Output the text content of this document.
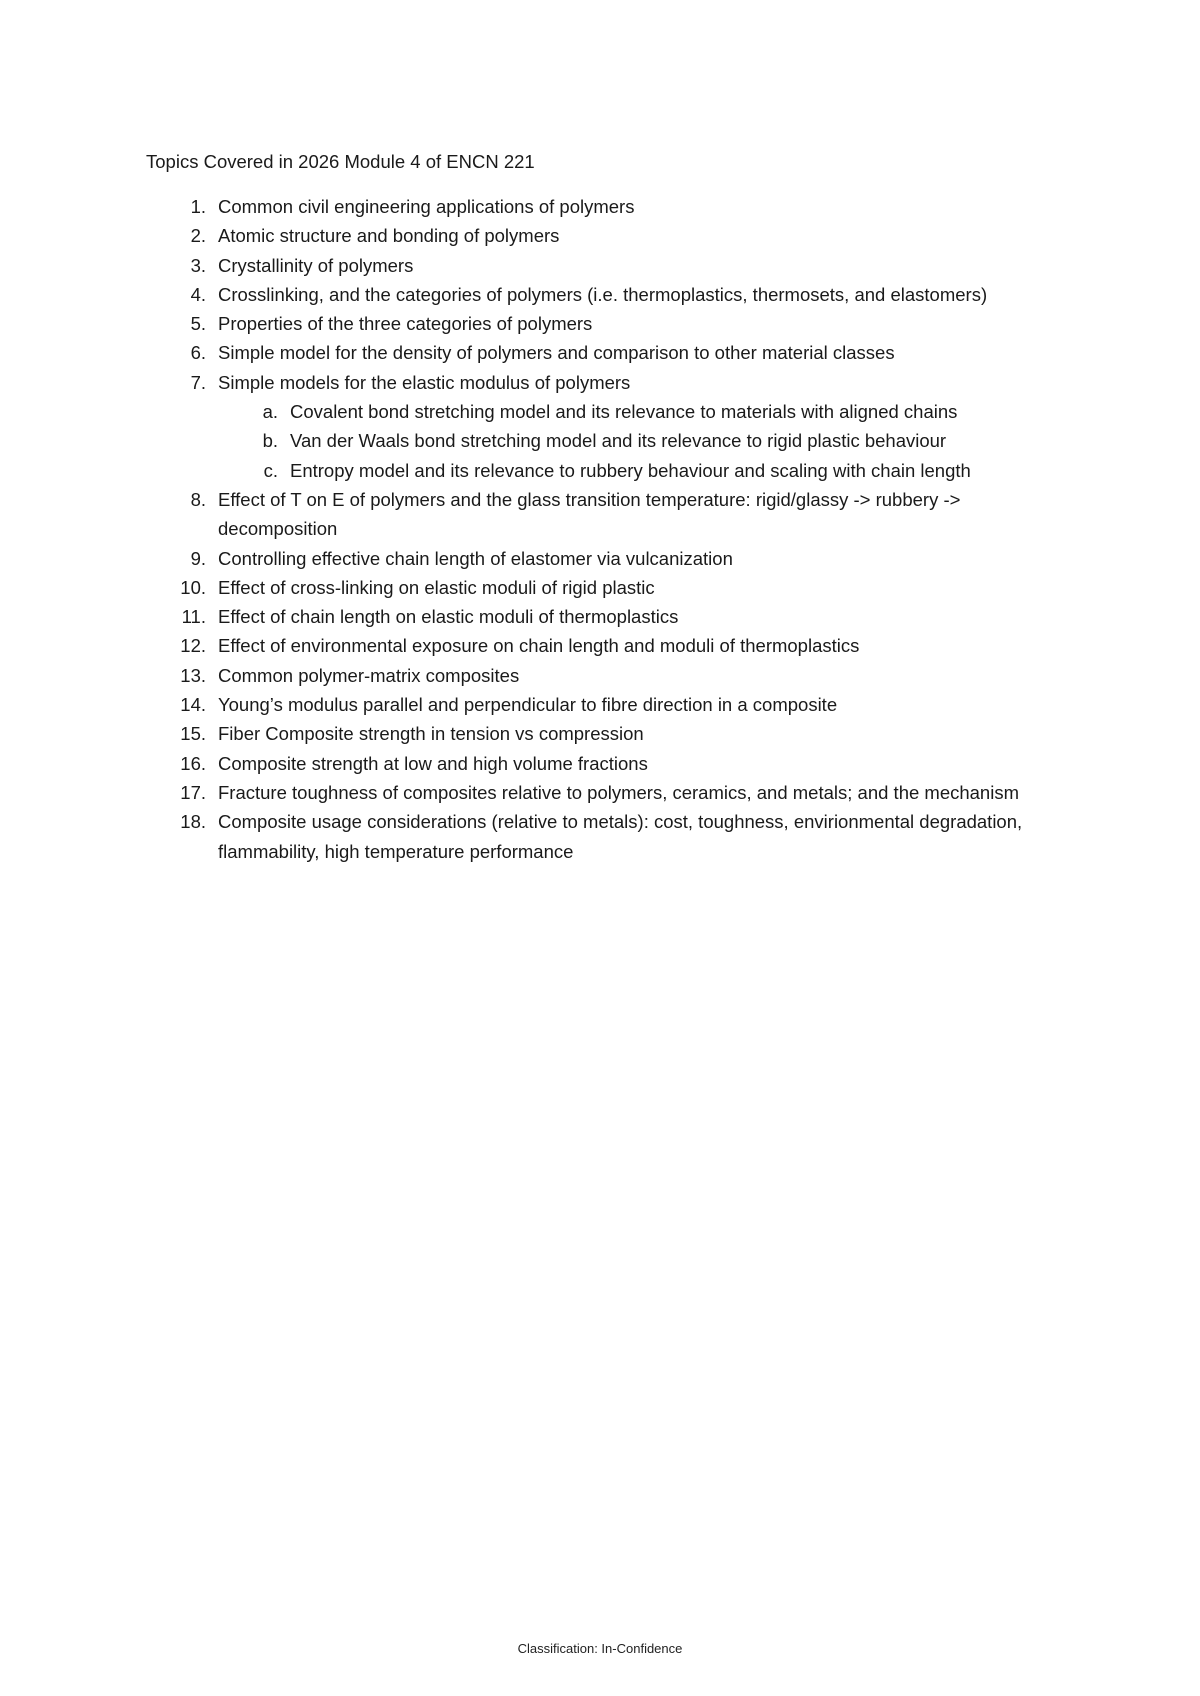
Topics Covered in 2026 Module 4 of ENCN 221
1. Common civil engineering applications of polymers
2. Atomic structure and bonding of polymers
3. Crystallinity of polymers
4. Crosslinking, and the categories of polymers (i.e. thermoplastics, thermosets, and elastomers)
5. Properties of the three categories of polymers
6. Simple model for the density of polymers and comparison to other material classes
7. Simple models for the elastic modulus of polymers
a. Covalent bond stretching model and its relevance to materials with aligned chains
b. Van der Waals bond stretching model and its relevance to rigid plastic behaviour
c. Entropy model and its relevance to rubbery behaviour and scaling with chain length
8. Effect of T on E of polymers and the glass transition temperature: rigid/glassy -> rubbery -> decomposition
9. Controlling effective chain length of elastomer via vulcanization
10. Effect of cross-linking on elastic moduli of rigid plastic
11. Effect of chain length on elastic moduli of thermoplastics
12. Effect of environmental exposure on chain length and moduli of thermoplastics
13. Common polymer-matrix composites
14. Young’s modulus parallel and perpendicular to fibre direction in a composite
15. Fiber Composite strength in tension vs compression
16. Composite strength at low and high volume fractions
17. Fracture toughness of composites relative to polymers, ceramics, and metals; and the mechanism
18. Composite usage considerations (relative to metals): cost, toughness, envirionmental degradation, flammability, high temperature performance
Classification: In-Confidence
